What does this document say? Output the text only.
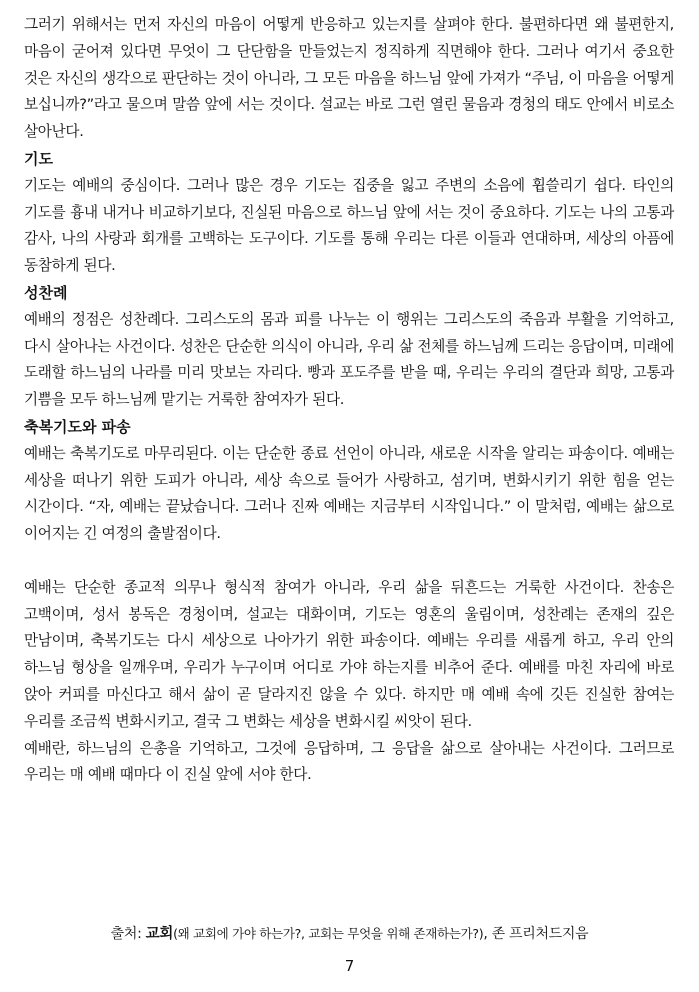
그러기 위해서는 먼저 자신의 마음이 어떻게 반응하고 있는지를 살펴야 한다. 불편하다면 왜 불편한지, 마음이 굳어져 있다면 무엇이 그 단단함을 만들었는지 정직하게 직면해야 한다. 그러나 여기서 중요한 것은 자신의 생각으로 판단하는 것이 아니라, 그 모든 마음을 하느님 앞에 가져가 “주님, 이 마음을 어떻게 보십니까?”라고 물으며 말씀 앞에 서는 것이다. 설교는 바로 그런 열린 물음과 경청의 태도 안에서 비로소 살아난다.

기도

기도는 예배의 중심이다. 그러나 많은 경우 기도는 집중을 잃고 주변의 소음에 휩쓸리기 쉽다. 타인의 기도를 흉내 내거나 비교하기보다, 진실된 마음으로 하느님 앞에 서는 것이 중요하다. 기도는 나의 고통과 감사, 나의 사랑과 회개를 고백하는 도구이다. 기도를 통해 우리는 다른 이들과 연대하며, 세상의 아픔에 동참하게 된다.

성찬례

예배의 정점은 성찬례다. 그리스도의 몸과 피를 나누는 이 행위는 그리스도의 죽음과 부활을 기억하고, 다시 살아나는 사건이다. 성찬은 단순한 의식이 아니라, 우리 삶 전체를 하느님께 드리는 응답이며, 미래에 도래할 하느님의 나라를 미리 맛보는 자리다. 빵과 포도주를 받을 때, 우리는 우리의 결단과 희망, 고통과 기쁨을 모두 하느님께 맡기는 거룩한 참여자가 된다.

축복기도와 파송

예배는 축복기도로 마무리된다. 이는 단순한 종료 선언이 아니라, 새로운 시작을 알리는 파송이다. 예배는 세상을 떠나기 위한 도피가 아니라, 세상 속으로 들어가 사랑하고, 섬기며, 변화시키기 위한 힘을 얻는 시간이다. “자, 예배는 끝났습니다. 그러나 진짜 예배는 지금부터 시작입니다.” 이 말처럼, 예배는 삶으로 이어지는 긴 여정의 출발점이다.

예배는 단순한 종교적 의무나 형식적 참여가 아니라, 우리 삶을 뒤흔드는 거룩한 사건이다. 찬송은 고백이며, 성서 봉독은 경청이며, 설교는 대화이며, 기도는 영혼의 울림이며, 성찬례는 존재의 깊은 만남이며, 축복기도는 다시 세상으로 나아가기 위한 파송이다. 예배는 우리를 새롭게 하고, 우리 안의 하느님 형상을 일깨우며, 우리가 누구이며 어디로 가야 하는지를 비추어 준다. 예배를 마친 자리에 바로 앉아 커피를 마신다고 해서 삶이 곧 달라지진 않을 수 있다. 하지만 매 예배 속에 깃든 진실한 참여는 우리를 조금씩 변화시키고, 결국 그 변화는 세상을 변화시킬 씨앗이 된다.

예배란, 하느님의 은총을 기억하고, 그것에 응답하며, 그 응답을 삶으로 살아내는 사건이다. 그러므로 우리는 매 예배 때마다 이 진실 앞에 서야 한다.

출처: 교회(왜 교회에 가야 하는가?, 교회는 무엇을 위해 존재하는가?), 존 프리처드지음
7
